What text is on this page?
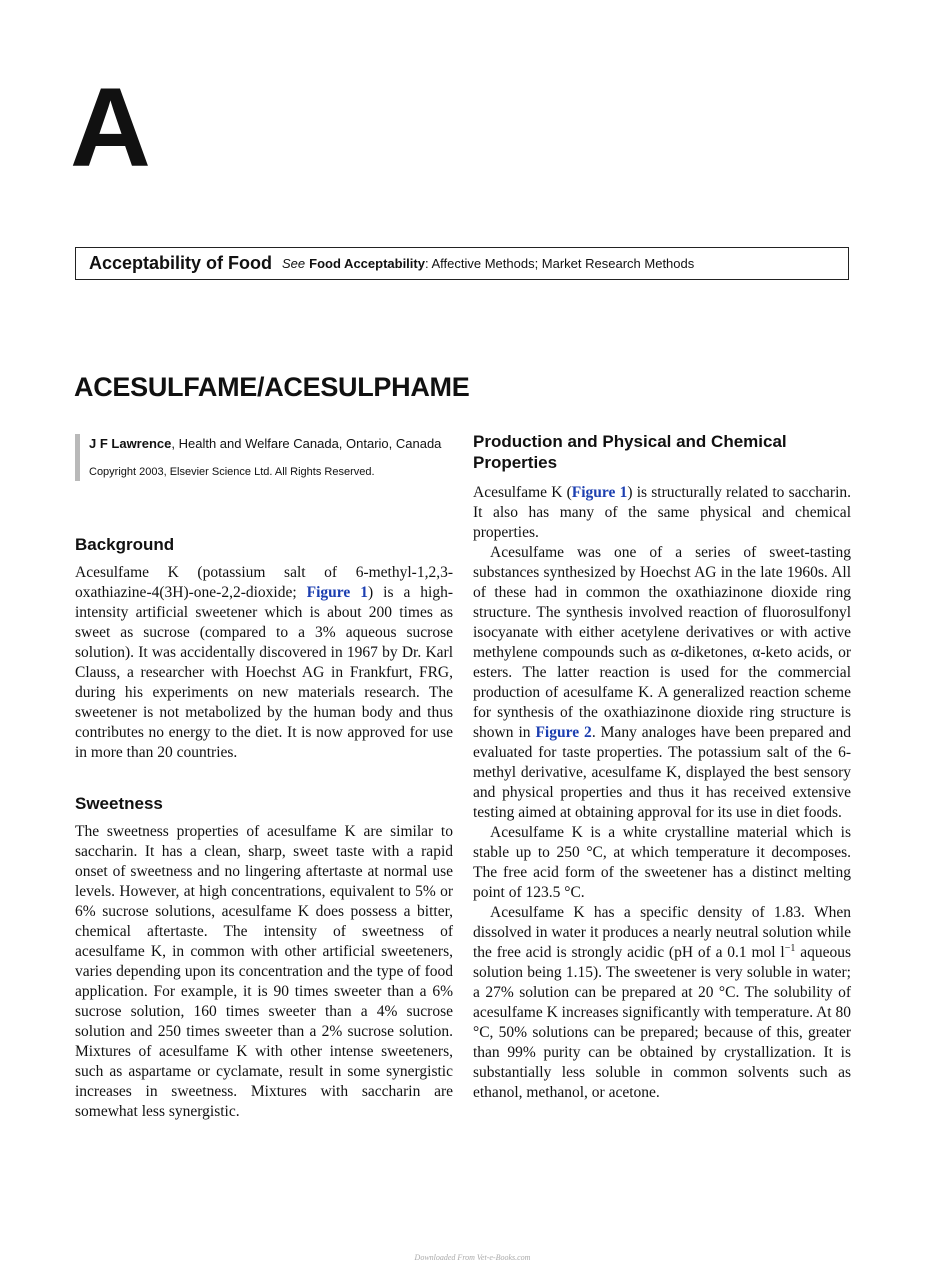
A
Acceptability of Food See Food Acceptability : Affective Methods; Market Research Methods
ACESULFAME/ACESULPHAME
J F Lawrence, Health and Welfare Canada, Ontario, Canada
Copyright 2003, Elsevier Science Ltd. All Rights Reserved.
Background

Acesulfame K (potassium salt of 6-methyl-1,2,3-oxathiazine-4(3H)-one-2,2-dioxide; Figure 1) is a high-intensity artificial sweetener which is about 200 times as sweet as sucrose (compared to a 3% aqueous sucrose solution). It was accidentally discovered in 1967 by Dr. Karl Clauss, a researcher with Hoechst AG in Frankfurt, FRG, during his experiments on new materials research. The sweetener is not metabolized by the human body and thus contributes no energy to the diet. It is now approved for use in more than 20 countries.

Sweetness

The sweetness properties of acesulfame K are similar to saccharin. It has a clean, sharp, sweet taste with a rapid onset of sweetness and no lingering aftertaste at normal use levels. However, at high concentrations, equivalent to 5% or 6% sucrose solutions, acesulfame K does possess a bitter, chemical aftertaste. The intensity of sweetness of acesulfame K, in common with other artificial sweeteners, varies depending upon its concentration and the type of food application. For example, it is 90 times sweeter than a 6% sucrose solution, 160 times sweeter than a 4% sucrose solution and 250 times sweeter than a 2% sucrose solution. Mixtures of acesulfame K with other intense sweeteners, such as aspartame or cyclamate, result in some synergistic increases in sweetness. Mixtures with saccharin are somewhat less synergistic.

Production and Physical and Chemical Properties

Acesulfame K (Figure 1) is structurally related to saccharin. It also has many of the same physical and chemical properties.

Acesulfame was one of a series of sweet-tasting substances synthesized by Hoechst AG in the late 1960s. All of these had in common the oxathiazinone dioxide ring structure. The synthesis involved reaction of fluorosulfonyl isocyanate with either acetylene derivatives or with active methylene compounds such as α-diketones, α-keto acids, or esters. The latter reaction is used for the commercial production of acesulfame K. A generalized reaction scheme for synthesis of the oxathiazinone dioxide ring structure is shown in Figure 2. Many analoges have been prepared and evaluated for taste properties. The potassium salt of the 6-methyl derivative, acesulfame K, displayed the best sensory and physical properties and thus it has received extensive testing aimed at obtaining approval for its use in diet foods.

Acesulfame K is a white crystalline material which is stable up to 250 °C, at which temperature it decomposes. The free acid form of the sweetener has a distinct melting point of 123.5 °C.

Acesulfame K has a specific density of 1.83. When dissolved in water it produces a nearly neutral solution while the free acid is strongly acidic (pH of a 0.1 mol $l^{-1}$ aqueous solution being 1.15). The sweetener is very soluble in water; a 27% solution can be prepared at 20 °C. The solubility of acesulfame K increases significantly with temperature. At 80 °C, 50% solutions can be prepared; because of this, greater than 99% purity can be obtained by crystallization. It is substantially less soluble in common solvents such as ethanol, methanol, or acetone.

Downloaded From Vet-e-Books.com
